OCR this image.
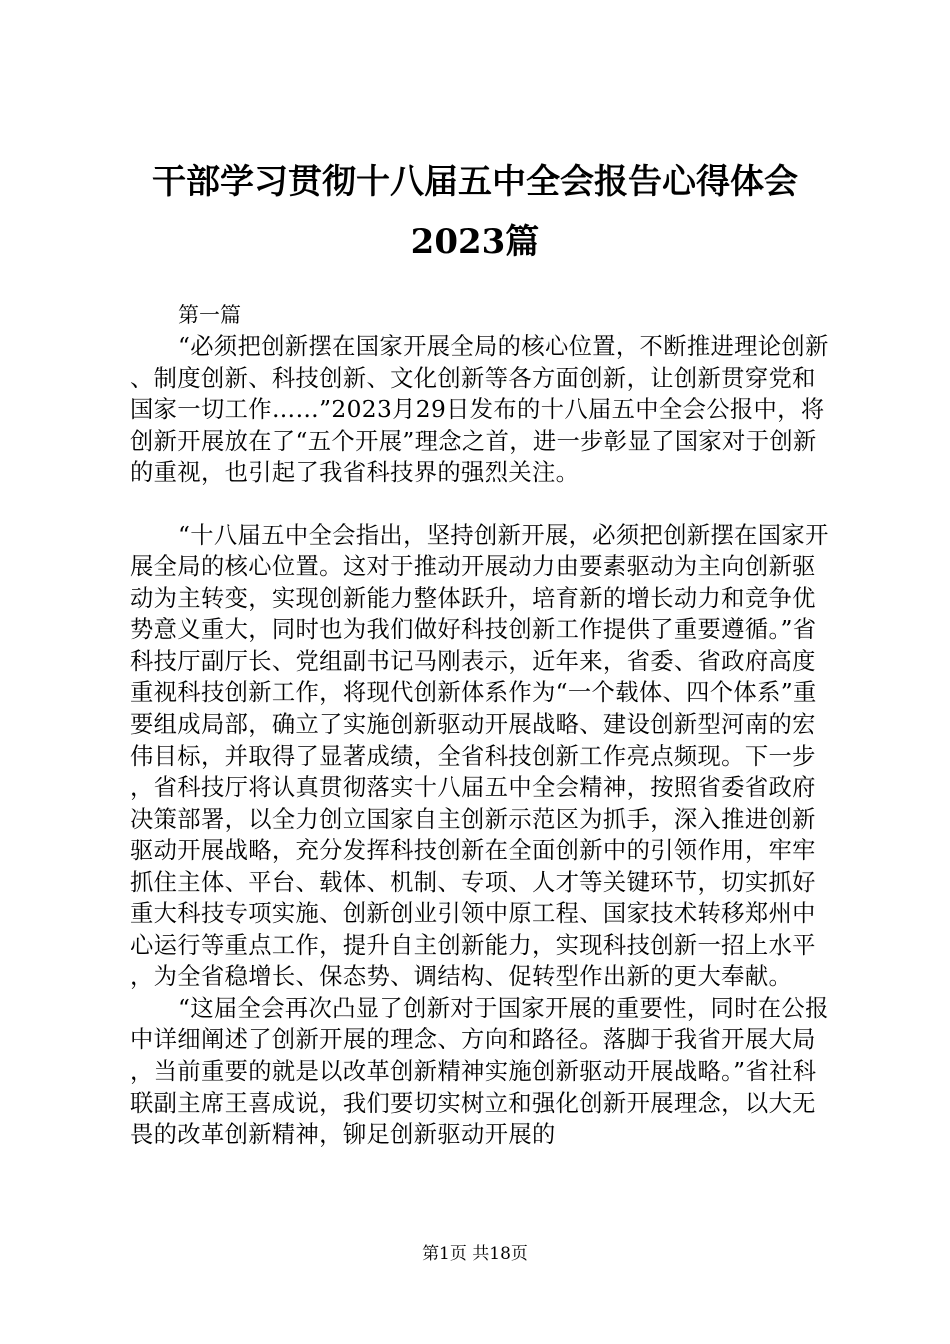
干部学习贯彻十八届五中全会报告心得体会
2023篇

第一篇

“必须把创新摆在国家开展全局的核心位置，不断推进理论创新、制度创新、科技创新、文化创新等各方面创新，让创新贯穿党和国家一切工作……”2023月29日发布的十八届五中全会公报中，将创新开展放在了“五个开展”理念之首，进一步彰显了国家对于创新的重视，也引起了我省科技界的强烈关注。

“十八届五中全会指出，坚持创新开展，必须把创新摆在国家开展全局的核心位置。这对于推动开展动力由要素驱动为主向创新驱动为主转变，实现创新能力整体跃升，培育新的增长动力和竞争优势意义重大，同时也为我们做好科技创新工作提供了重要遵循。”省科技厅副厅长、党组副书记马刚表示，近年来，省委、省政府高度重视科技创新工作，将现代创新体系作为“一个载体、四个体系”重要组成局部，确立了实施创新驱动开展战略、建设创新型河南的宏伟目标，并取得了显著成绩，全省科技创新工作亮点频现。下一步，省科技厅将认真贯彻落实十八届五中全会精神，按照省委省政府决策部署，以全力创立国家自主创新示范区为抓手，深入推进创新驱动开展战略，充分发挥科技创新在全面创新中的引领作用，牢牢抓住主体、平台、载体、机制、专项、人才等关键环节，切实抓好重大科技专项实施、创新创业引领中原工程、国家技术转移郑州中心运行等重点工作，提升自主创新能力，实现科技创新一招上水平，为全省稳增长、保态势、调结构、促转型作出新的更大奉献。

“这届全会再次凸显了创新对于国家开展的重要性，同时在公报中详细阐述了创新开展的理念、方向和路径。落脚于我省开展大局，当前重要的就是以改革创新精神实施创新驱动开展战略。”省社科联副主席王喜成说，我们要切实树立和强化创新开展理念，以大无畏的改革创新精神，铆足创新驱动开展的

第1页 共18页
